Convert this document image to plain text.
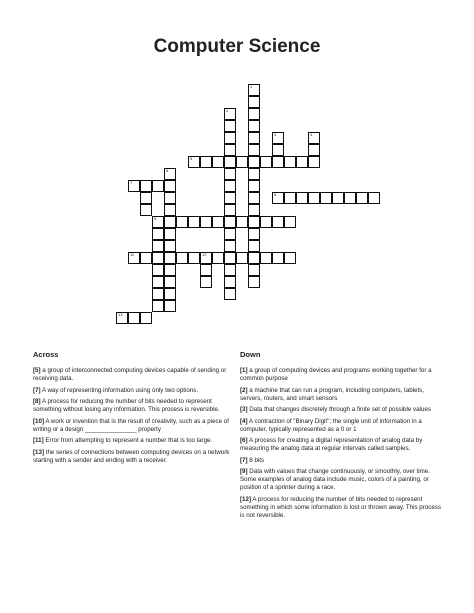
Computer Science
1
2
3	4
5
6
7
8
9
11	12
13
Across

[5] a group of interconnected computing devices capable of sending or receiving data.

[7] A way of representing information using only two options.

[8] A process for reducing the number of bits needed to represent something without losing any information. This process is reversible.

[10] A work or invention that is the result of creativity, such as a piece of writing or a design _______________ property

[11] Error from attempting to represent a number that is too large.

[13] the series of connections between computing devices on a network starting with a sender and ending with a receiver.

Down

[1] a group of computing devices and programs working together for a common purpose

[2] a machine that can run a program, including computers, tablets, servers, routers, and smart sensors

[3] Data that changes discretely through a finite set of possible values

[4] A contraction of "Binary Digit"; the single unit of information in a computer, typically represented as a 0 or 1

[6] A process for creating a digital representation of analog data by measuring the analog data at regular intervals called samples.

[7] 8 bits

[9] Data with values that change continuously, or smoothly, over time. Some examples of analog data include music, colors of a painting, or position of a sprinter during a race.

[12] A process for reducing the number of bits needed to represent something in which some information is lost or thrown away. This process is not reversible.
